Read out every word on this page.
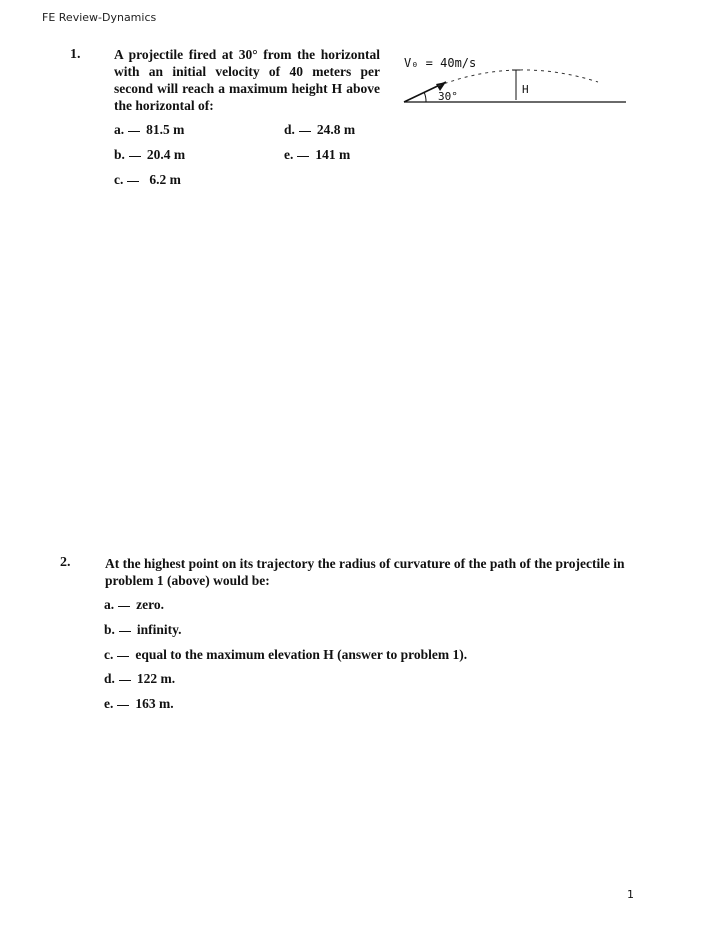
FE Review-Dynamics
1. A projectile fired at 30° from the horizontal with an initial velocity of 40 meters per second will reach a maximum height H above the horizontal of:
V₀ = 40m/s
30°
H
a. 81.5 m
b. 20.4 m
c. 6.2 m
d. 24.8 m
e. 141 m
2.	At the highest point on its trajectory the radius of curvature of the path of the projectile in problem 1 (above) would be:
a. zero.
b. infinity.
c. equal to the maximum elevation H (answer to problem 1).
d. 122 m.
e. 163 m.
1
